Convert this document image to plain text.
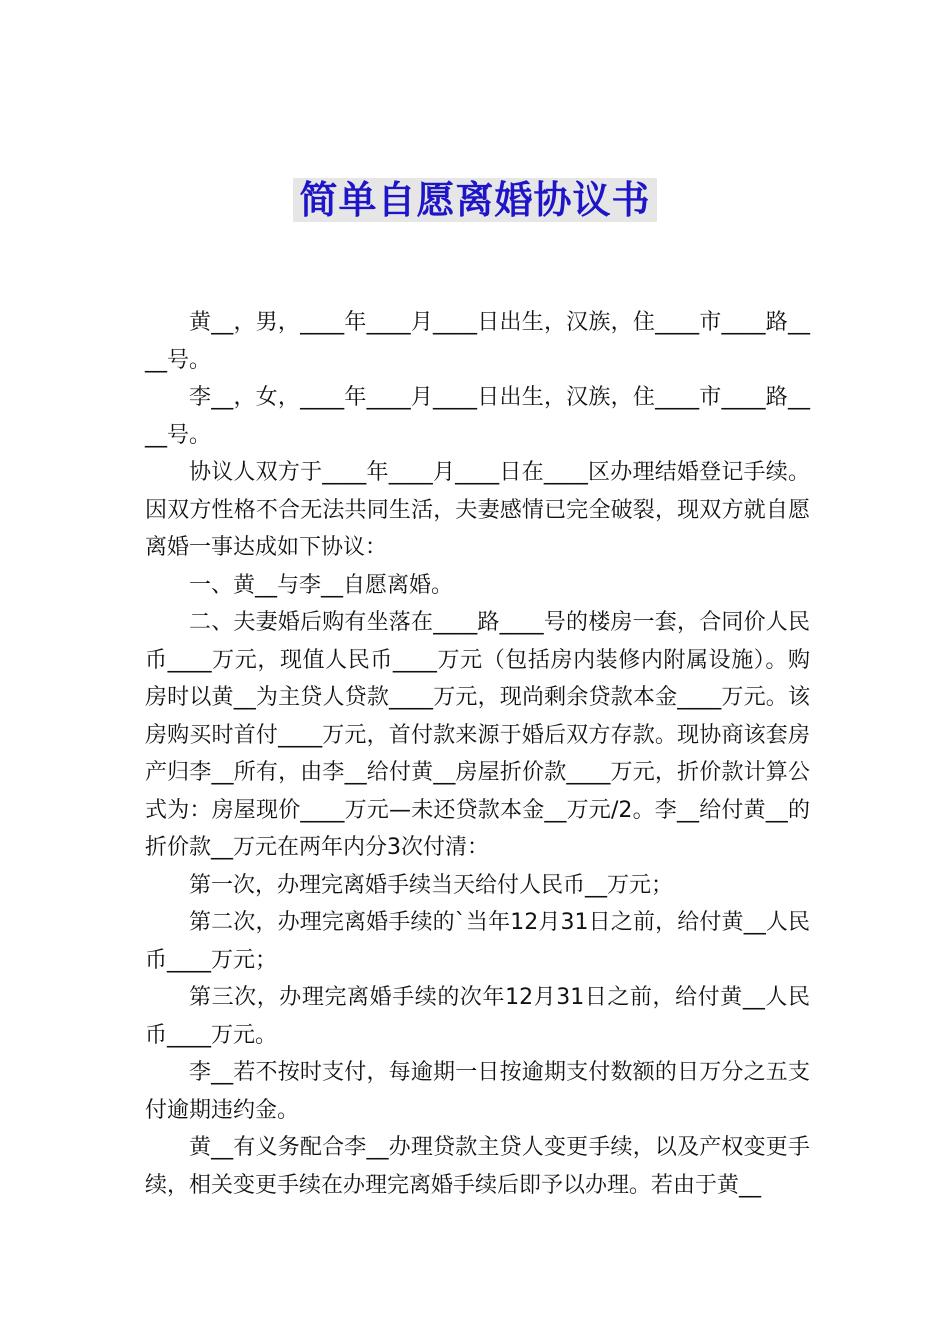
简单自愿离婚协议书

黄__，男，____年____月____日出生，汉族，住____市____路____号。

李__，女，____年____月____日出生，汉族，住____市____路____号。

协议人双方于____年____月____日在____区办理结婚登记手续。因双方性格不合无法共同生活，夫妻感情已完全破裂，现双方就自愿离婚一事达成如下协议：

一、黄__与李__自愿离婚。

二、夫妻婚后购有坐落在____路____号的楼房一套，合同价人民币____万元，现值人民币____万元（包括房内装修内附属设施）。购房时以黄__为主贷人贷款____万元，现尚剩余贷款本金____万元。该房购买时首付____万元，首付款来源于婚后双方存款。现协商该套房产归李__所有，由李__给付黄__房屋折价款____万元，折价款计算公式为：房屋现价____万元—未还贷款本金__万元/2。李__给付黄__的折价款__万元在两年内分3次付清：

第一次，办理完离婚手续当天给付人民币__万元；

第二次，办理完离婚手续的`当年12月31日之前，给付黄__人民币____万元；

第三次，办理完离婚手续的次年12月31日之前，给付黄__人民币____万元。

李__若不按时支付，每逾期一日按逾期支付数额的日万分之五支付逾期违约金。

黄__有义务配合李__办理贷款主贷人变更手续，以及产权变更手续，相关变更手续在办理完离婚手续后即予以办理。若由于黄__
